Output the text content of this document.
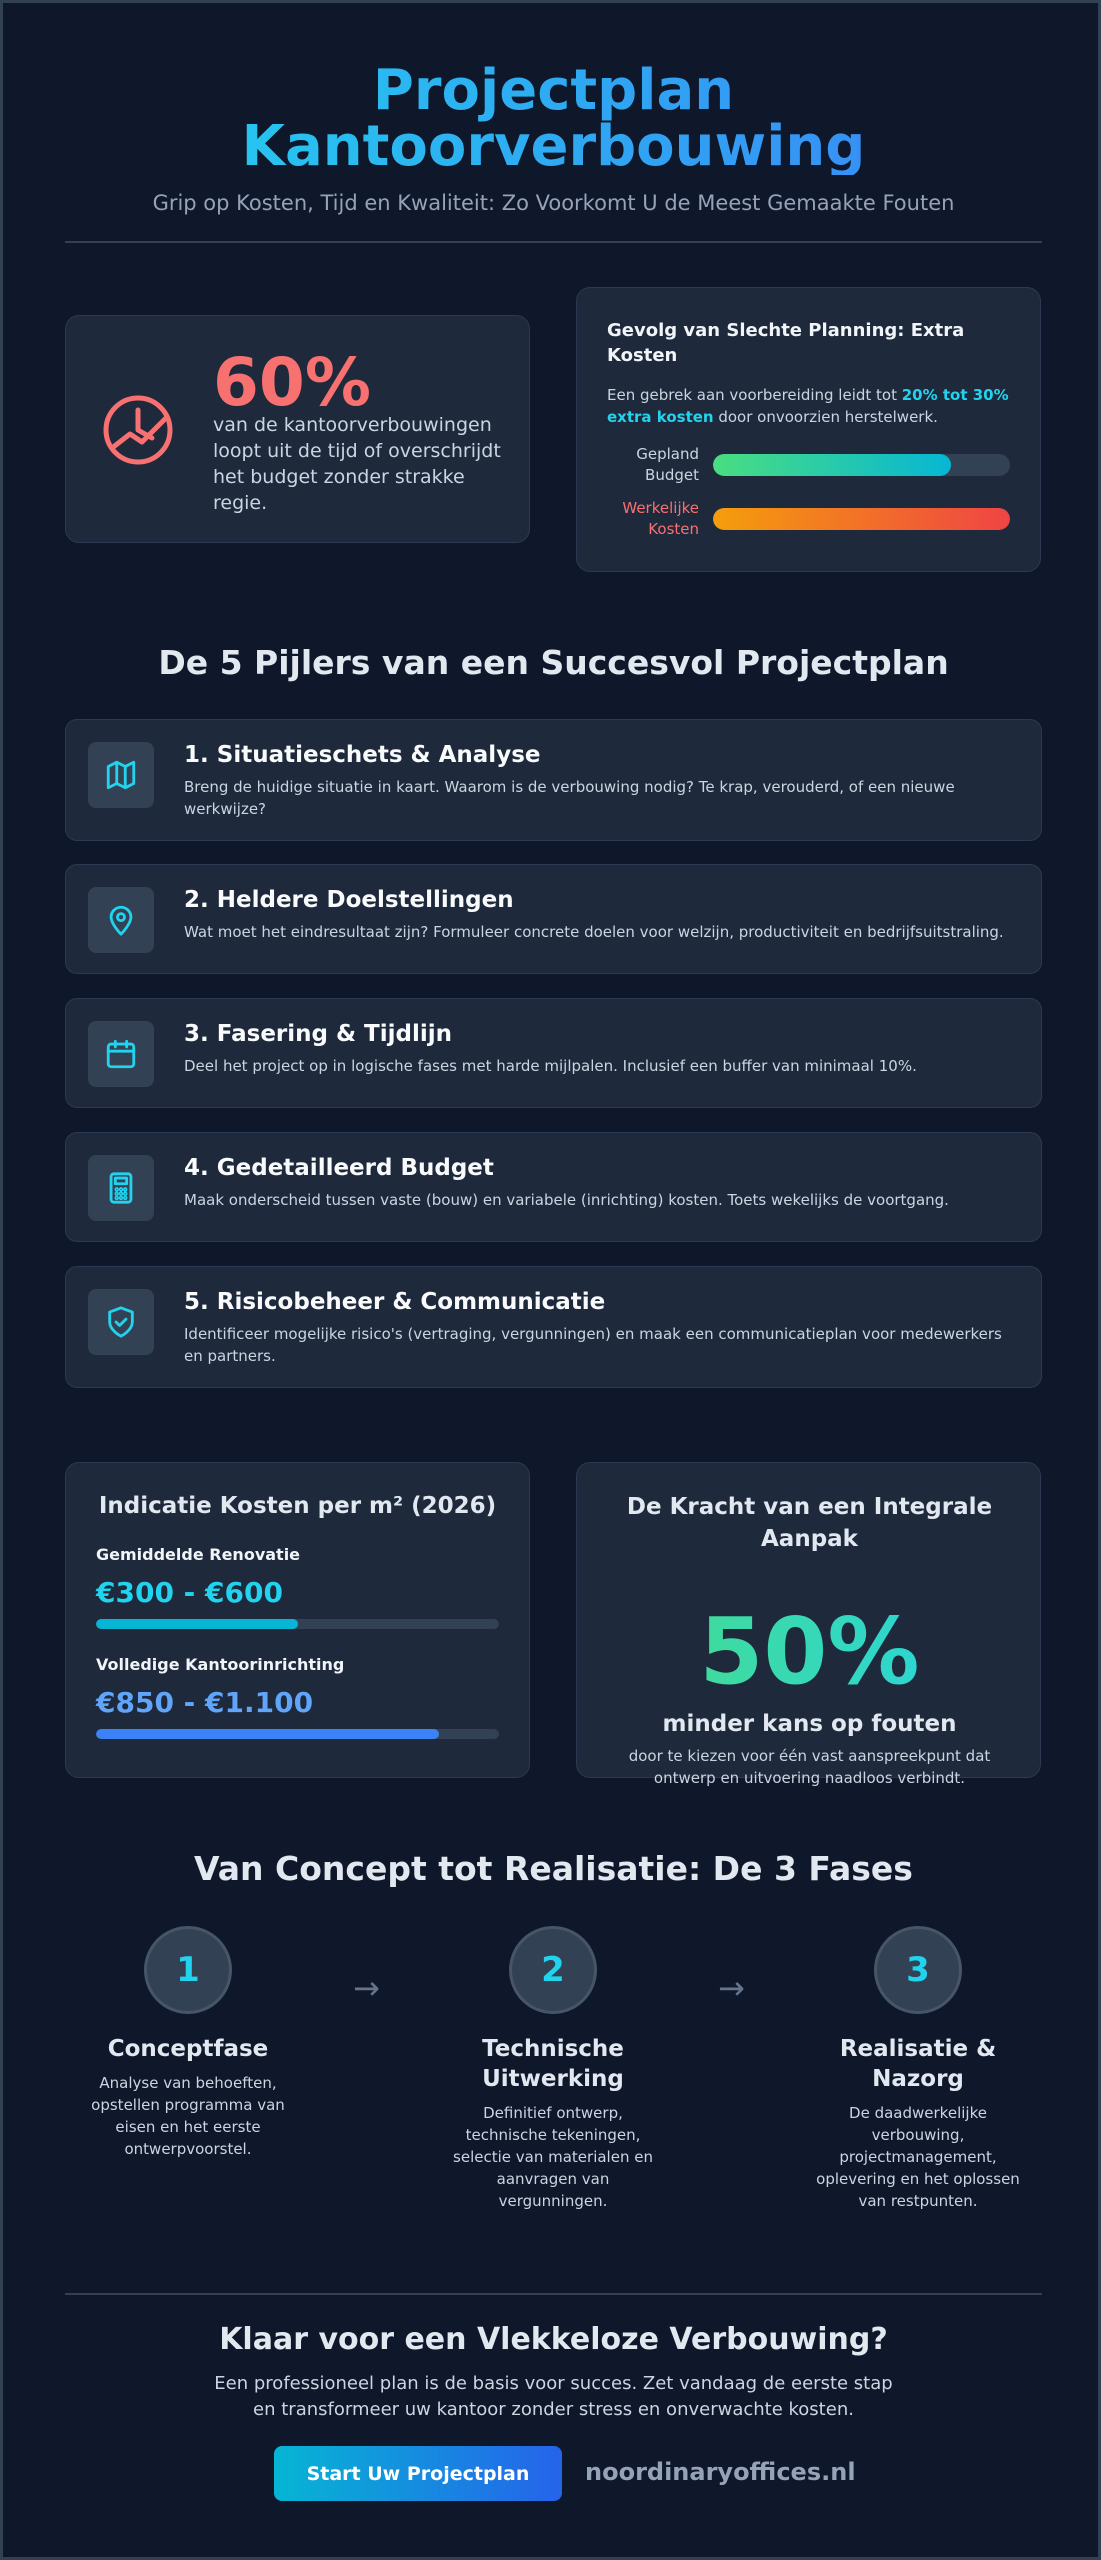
Projectplan
Kantoorverbouwing
Grip op Kosten, Tijd en Kwaliteit: Zo Voorkomt U de Meest Gemaakte Fouten
60%
van de kantoorverbouwingen loopt uit de tijd of overschrijdt het budget zonder strakke regie.
Gevolg van Slechte Planning: Extra Kosten

Een gebrek aan voorbereiding leidt tot 20% tot 30% extra kosten door onvoorzien herstelwerk.

Gepland Budget
Werkelijke Kosten
De 5 Pijlers van een Succesvol Projectplan
1. Situatieschets & Analyse
Breng de huidige situatie in kaart. Waarom is de verbouwing nodig? Te krap, verouderd, of een nieuwe werkwijze?
2. Heldere Doelstellingen
Wat moet het eindresultaat zijn? Formuleer concrete doelen voor welzijn, productiviteit en bedrijfsuitstraling.
3. Fasering & Tijdlijn
Deel het project op in logische fases met harde mijlpalen. Inclusief een buffer van minimaal 10%.
4. Gedetailleerd Budget
Maak onderscheid tussen vaste (bouw) en variabele (inrichting) kosten. Toets wekelijks de voortgang.
5. Risicobeheer & Communicatie
Identificeer mogelijke risico's (vertraging, vergunningen) en maak een communicatieplan voor medewerkers en partners.
Indicatie Kosten per m² (2026)
Gemiddelde Renovatie
€300 - €600
Volledige Kantoorinrichting
€850 - €1.100
De Kracht van een Integrale Aanpak
50%
minder kans op fouten
door te kiezen voor één vast aanspreekpunt dat ontwerp en uitvoering naadloos verbindt.
Van Concept tot Realisatie: De 3 Fases
1
Conceptfase

Analyse van behoeften, opstellen programma van eisen en het eerste ontwerpvoorstel.

→	2
Technische Uitwerking

Definitief ontwerp, technische tekeningen, selectie van materialen en aanvragen van vergunningen.

→	3
Realisatie & Nazorg

De daadwerkelijke verbouwing, projectmanagement, oplevering en het oplossen van restpunten.

Klaar voor een Vlekkeloze Verbouwing?
Een professioneel plan is de basis voor succes. Zet vandaag de eerste stap en transformeer uw kantoor zonder stress en onverwachte kosten.
Start Uw Projectplan	noordinaryoffices.nl
